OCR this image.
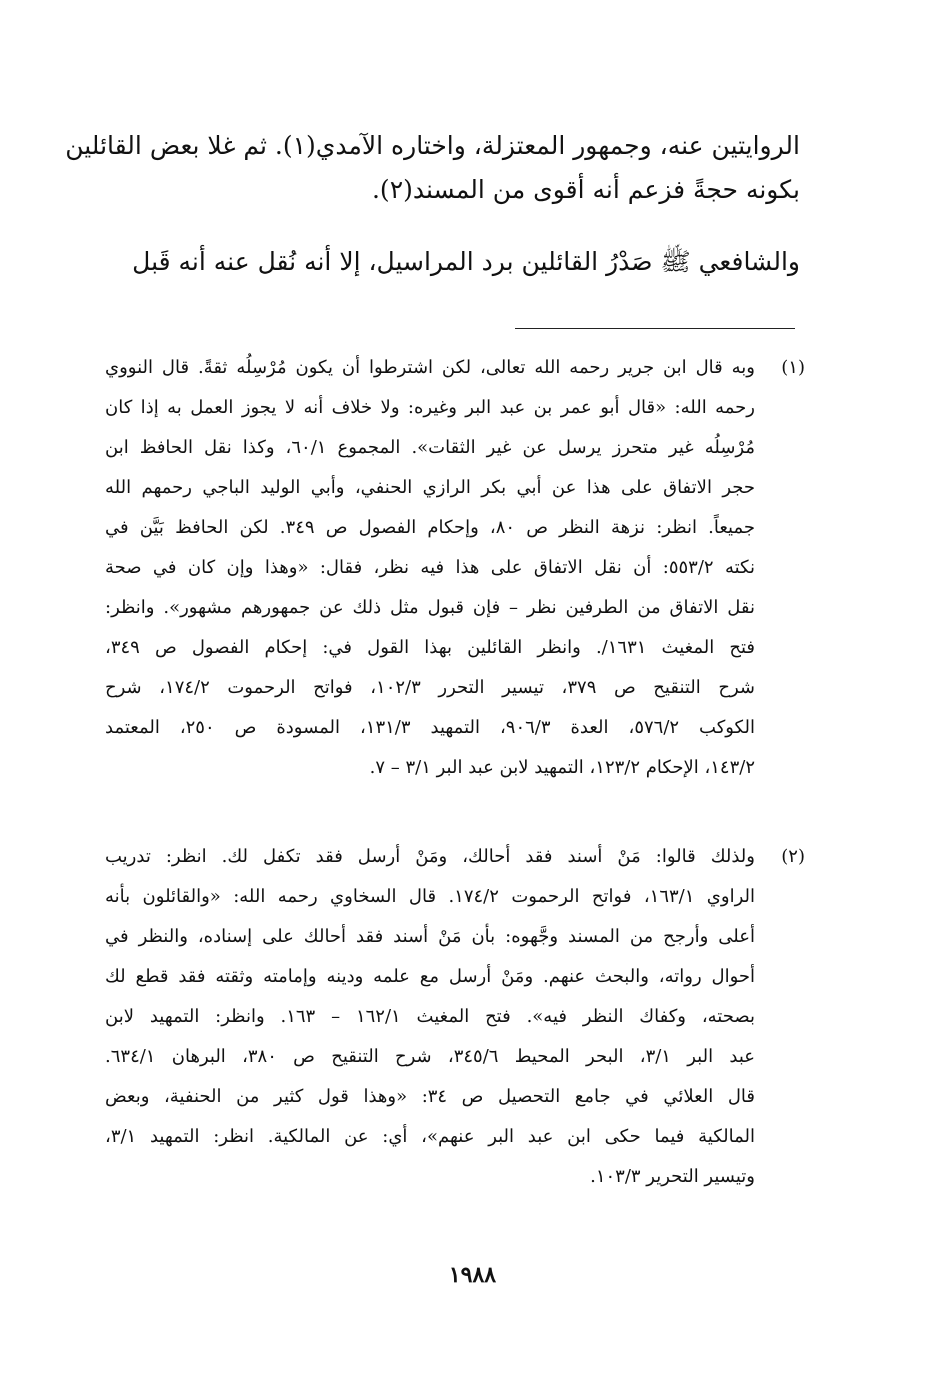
الروايتين عنه، وجمهور المعتزلة، واختاره الآمدي(١). ثم غلا بعض القائلين
بكونه حجةً فزعم أنه أقوى من المسند(٢).
والشافعي ﷺ صَدْرُ القائلين برد المراسيل، إلا أنه نُقل عنه أنه قَبل
(١)
وبه قال ابن جرير رحمه الله تعالى، لكن اشترطوا أن يكون مُرْسِلُه ثقةً. قال النووي
رحمه الله: «قال أبو عمر بن عبد البر وغيره: ولا خلاف أنه لا يجوز العمل به إذا كان
مُرْسِلُه غير متحرز يرسل عن غير الثقات». المجموع ٦٠/١، وكذا نقل الحافظ ابن
حجر الاتفاق على هذا عن أبي بكر الرازي الحنفي، وأبي الوليد الباجي رحمهم الله
جميعاً. انظر: نزهة النظر ص ٨٠، وإحكام الفصول ص ٣٤٩. لكن الحافظ بَيَّن في
نكته ٥٥٣/٢: أن نقل الاتفاق على هذا فيه نظر، فقال: «وهذا وإن كان في صحة
نقل الاتفاق من الطرفين نظر – فإن قبول مثل ذلك عن جمهورهم مشهور». وانظر:
فتح المغيث ١٦٣١/. وانظر القائلين بهذا القول في: إحكام الفصول ص ٣٤٩،
شرح التنقيح ص ٣٧٩، تيسير التحرر ١٠٢/٣، فواتح الرحموت ١٧٤/٢، شرح
الكوكب ٥٧٦/٢، العدة ٩٠٦/٣، التمهيد ١٣١/٣، المسودة ص ٢٥٠، المعتمد
١٤٣/٢، الإحكام ١٢٣/٢، التمهيد لابن عبد البر ٣/١ – ٧.
(٢)
ولذلك قالوا: مَنْ أسند فقد أحالك، ومَنْ أرسل فقد تكفل لك. انظر: تدريب
الراوي ١٦٣/١، فواتح الرحموت ١٧٤/٢. قال السخاوي رحمه الله: «والقائلون بأنه
أعلى وأرجح من المسند وجَّهوه: بأن مَنْ أسند فقد أحالك على إسناده، والنظر في
أحوال رواته، والبحث عنهم. ومَنْ أرسل مع علمه ودينه وإمامته وثقته فقد قطع لك
بصحته، وكفاك النظر فيه». فتح المغيث ١٦٢/١ – ١٦٣. وانظر: التمهيد لابن
عبد البر ٣/١، البحر المحيط ٣٤٥/٦، شرح التنقيح ص ٣٨٠، البرهان ٦٣٤/١.
قال العلائي في جامع التحصيل ص ٣٤: «وهذا قول كثير من الحنفية، وبعض
المالكية فيما حكى ابن عبد البر عنهم»، أي: عن المالكية. انظر: التمهيد ٣/١،
وتيسير التحرير ١٠٣/٣.
١٩٨٨
